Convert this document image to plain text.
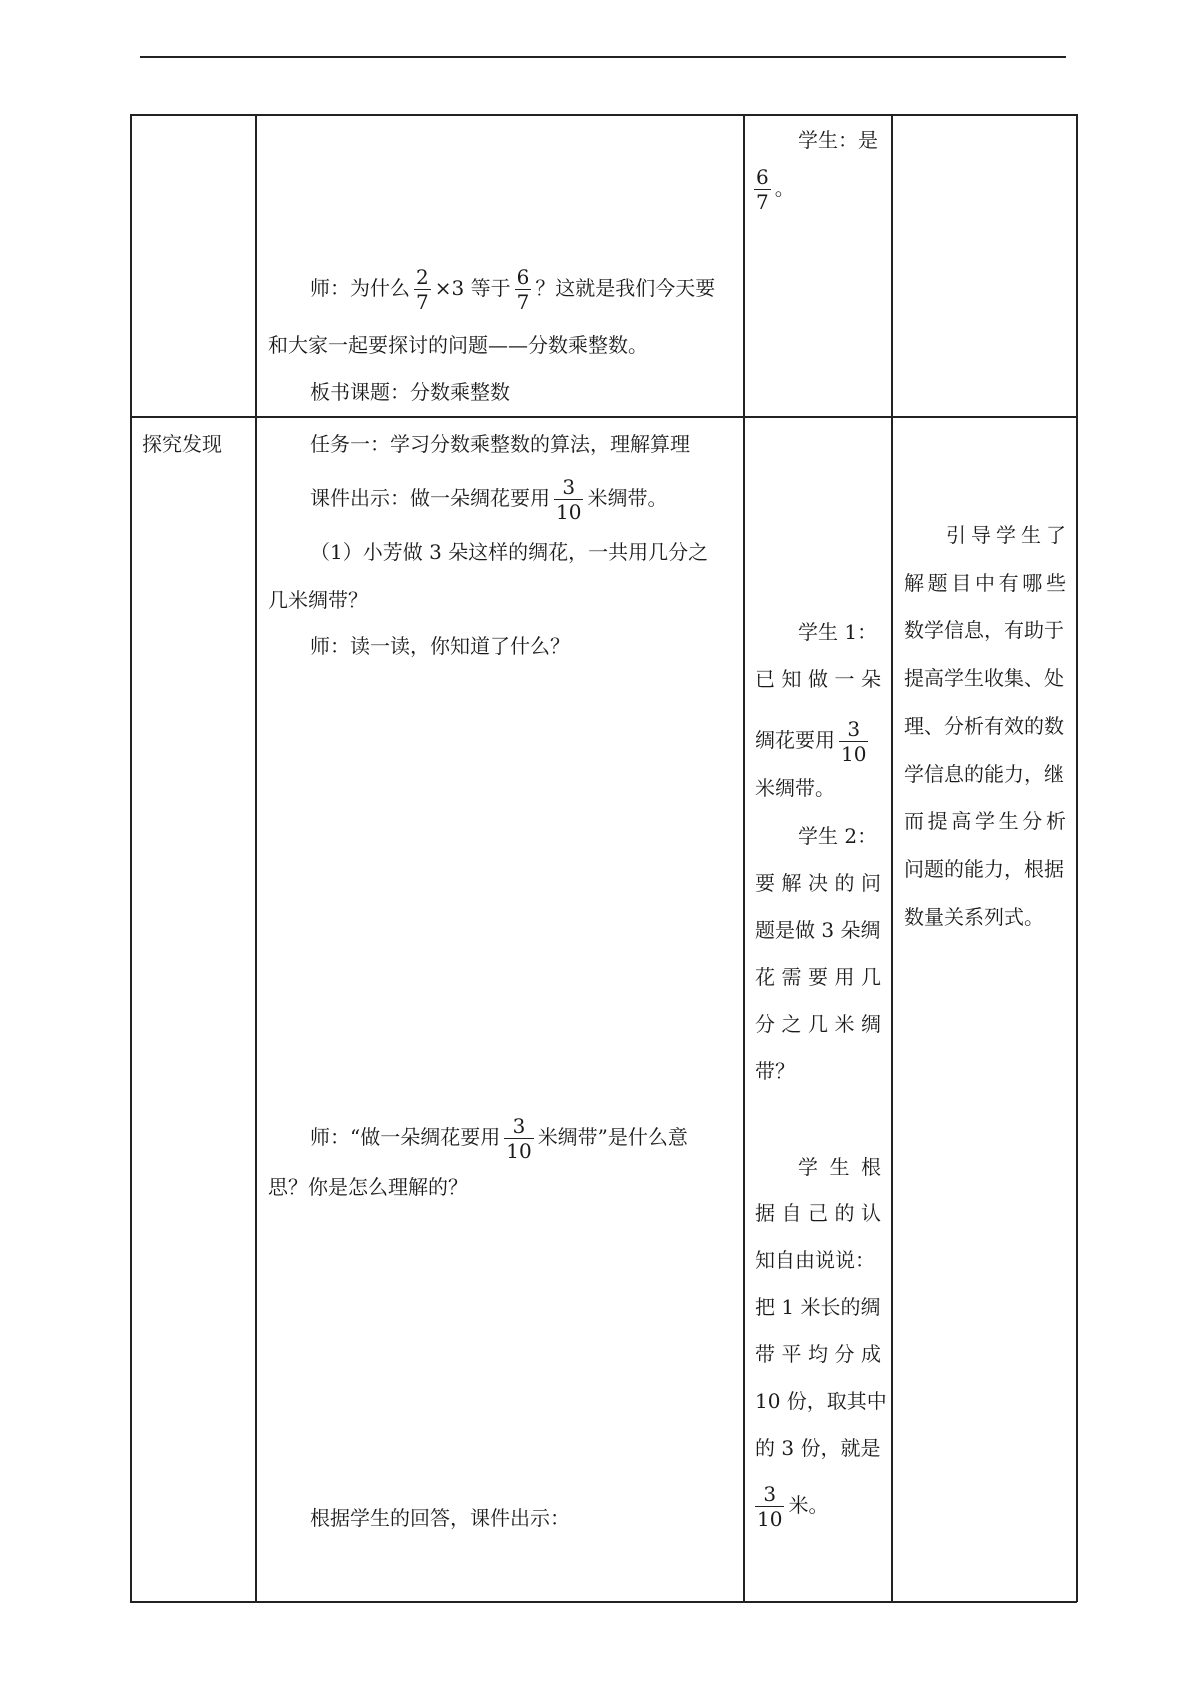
学生：是
$\frac{6}{7}$ 。
师：为什么 $\frac{2}{7} \times 3$ 等于 $\frac{6}{7}$ ？这就是我们今天要
和大家一起要探讨的问题——分数乘整数。
板书课题：分数乘整数
探究发现	任务一：学习分数乘整数的算法，理解算理
课件出示：做一朵绸花要用 $\frac{3}{10}$ 米绸带。
（1）小芳做 3 朵这样的绸花，一共用几分之
几米绸带？
师：读一读，你知道了什么？
师：“做一朵绸花要用 $\frac{3}{10}$ 米绸带”是什么意
思？你是怎么理解的？
根据学生的回答，课件出示：
学生 1：
已 知 做 一 朵
绸花要用 $\frac{3}{10}$
米绸带。
学生 2：
要 解 决 的 问
题是做 3 朵绸
花 需 要 用 几
分 之 几 米 绸
带？
学 生 根
据 自 己 的 认
知自由说说：
把 1 米长的绸
带 平 均 分 成
10 份，取其中
的 3 份，就是
$\frac{3}{10}$ 米。
引 导 学 生 了
解 题 目 中 有 哪 些
数学信息，有助于
提高学生收集、处
理、分析有效的数
学信息的能力，继
而 提 高 学 生 分 析
问题的能力，根据
数量关系列式。
